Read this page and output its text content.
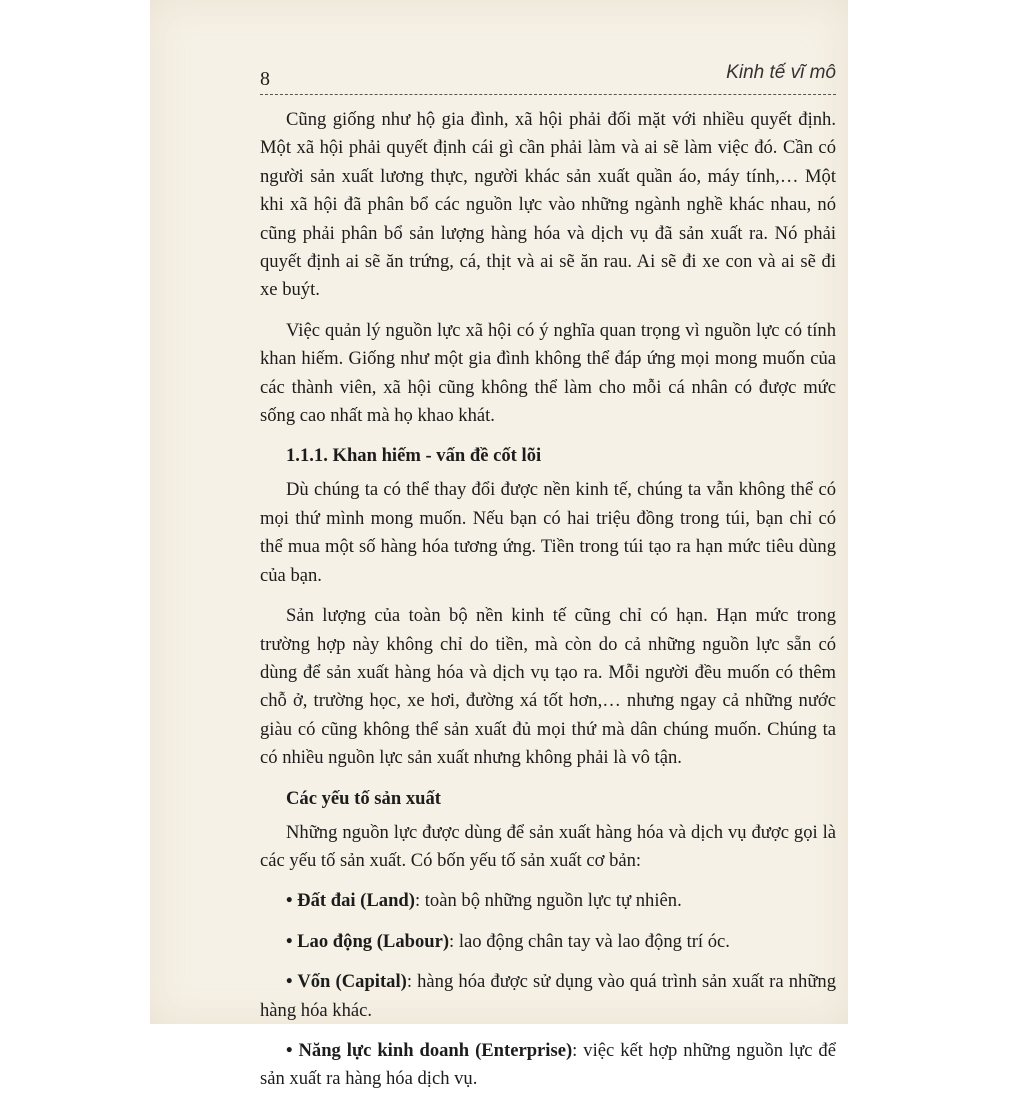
8	Kinh tế vĩ mô

Cũng giống như hộ gia đình, xã hội phải đối mặt với nhiều quyết định. Một xã hội phải quyết định cái gì cần phải làm và ai sẽ làm việc đó. Cần có người sản xuất lương thực, người khác sản xuất quần áo, máy tính,… Một khi xã hội đã phân bổ các nguồn lực vào những ngành nghề khác nhau, nó cũng phải phân bổ sản lượng hàng hóa và dịch vụ đã sản xuất ra. Nó phải quyết định ai sẽ ăn trứng, cá, thịt và ai sẽ ăn rau. Ai sẽ đi xe con và ai sẽ đi xe buýt.

Việc quản lý nguồn lực xã hội có ý nghĩa quan trọng vì nguồn lực có tính khan hiếm. Giống như một gia đình không thể đáp ứng mọi mong muốn của các thành viên, xã hội cũng không thể làm cho mỗi cá nhân có được mức sống cao nhất mà họ khao khát.

1.1.1. Khan hiếm - vấn đề cốt lõi

Dù chúng ta có thể thay đổi được nền kinh tế, chúng ta vẫn không thể có mọi thứ mình mong muốn. Nếu bạn có hai triệu đồng trong túi, bạn chỉ có thể mua một số hàng hóa tương ứng. Tiền trong túi tạo ra hạn mức tiêu dùng của bạn.

Sản lượng của toàn bộ nền kinh tế cũng chỉ có hạn. Hạn mức trong trường hợp này không chỉ do tiền, mà còn do cả những nguồn lực sẵn có dùng để sản xuất hàng hóa và dịch vụ tạo ra. Mỗi người đều muốn có thêm chỗ ở, trường học, xe hơi, đường xá tốt hơn,… nhưng ngay cả những nước giàu có cũng không thể sản xuất đủ mọi thứ mà dân chúng muốn. Chúng ta có nhiều nguồn lực sản xuất nhưng không phải là vô tận.

Các yếu tố sản xuất

Những nguồn lực được dùng để sản xuất hàng hóa và dịch vụ được gọi là các yếu tố sản xuất. Có bốn yếu tố sản xuất cơ bản:

• Đất đai (Land): toàn bộ những nguồn lực tự nhiên.
• Lao động (Labour): lao động chân tay và lao động trí óc.
• Vốn (Capital): hàng hóa được sử dụng vào quá trình sản xuất ra những hàng hóa khác.
• Năng lực kinh doanh (Enterprise): việc kết hợp những nguồn lực để sản xuất ra hàng hóa dịch vụ.
